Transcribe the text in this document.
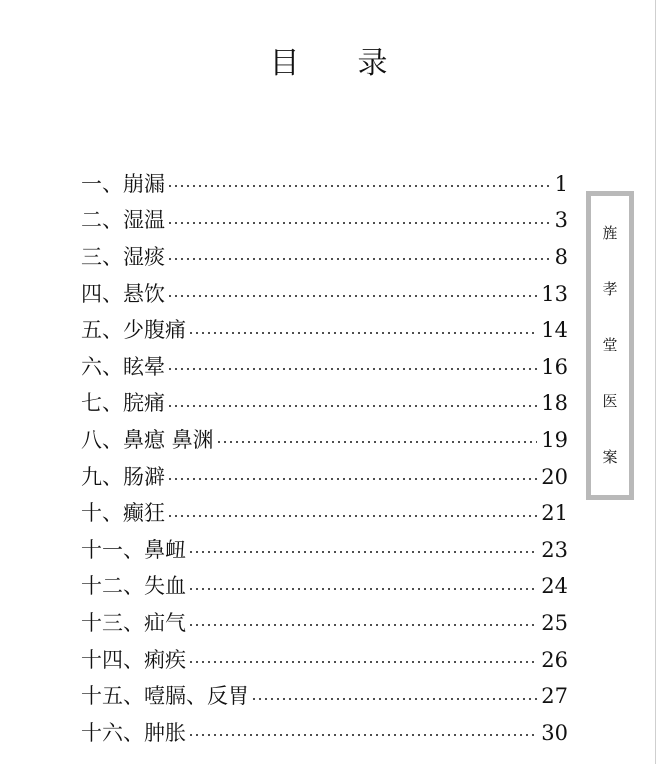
目 录
一、崩漏	1
二、湿温	3
三、湿痰	8
四、悬饮	13
五、少腹痛	14
六、眩晕	16
七、脘痛	18
八、鼻瘜 鼻渊	19
九、肠澼	20
十、癫狂	21
十一、鼻衄	23
十二、失血	24
十三、疝气	25
十四、痢疾	26
十五、噎膈、反胃	27
十六、肿胀	30
旌
孝
堂
医
案
